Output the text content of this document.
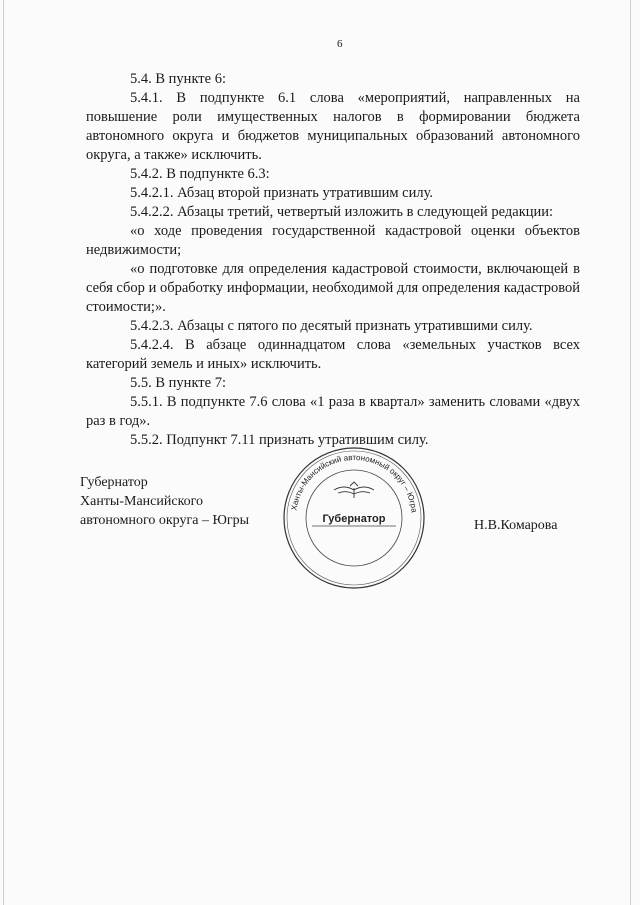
6

5.4. В пункте 6:

5.4.1. В подпункте 6.1 слова «мероприятий, направленных на повышение роли имущественных налогов в формировании бюджета автономного округа и бюджетов муниципальных образований автономного округа, а также» исключить.

5.4.2. В подпункте 6.3:

5.4.2.1. Абзац второй признать утратившим силу.

5.4.2.2. Абзацы третий, четвертый изложить в следующей редакции:

«о ходе проведения государственной кадастровой оценки объектов недвижимости;

«о подготовке для определения кадастровой стоимости, включающей в себя сбор и обработку информации, необходимой для определения кадастровой стоимости;».

5.4.2.3. Абзацы с пятого по десятый признать утратившими силу.

5.4.2.4. В абзаце одиннадцатом слова «земельных участков всех категорий земель и иных» исключить.

5.5. В пункте 7:

5.5.1. В подпункте 7.6 слова «1 раза в квартал» заменить словами «двух раз в год».

5.5.2. Подпункт 7.11 признать утратившим силу.

Губернатор
Ханты-Мансийского
автономного округа – Югры
Ханты-Мансийский автономный округ – Югра
Губернатор	Н.В.Комарова
